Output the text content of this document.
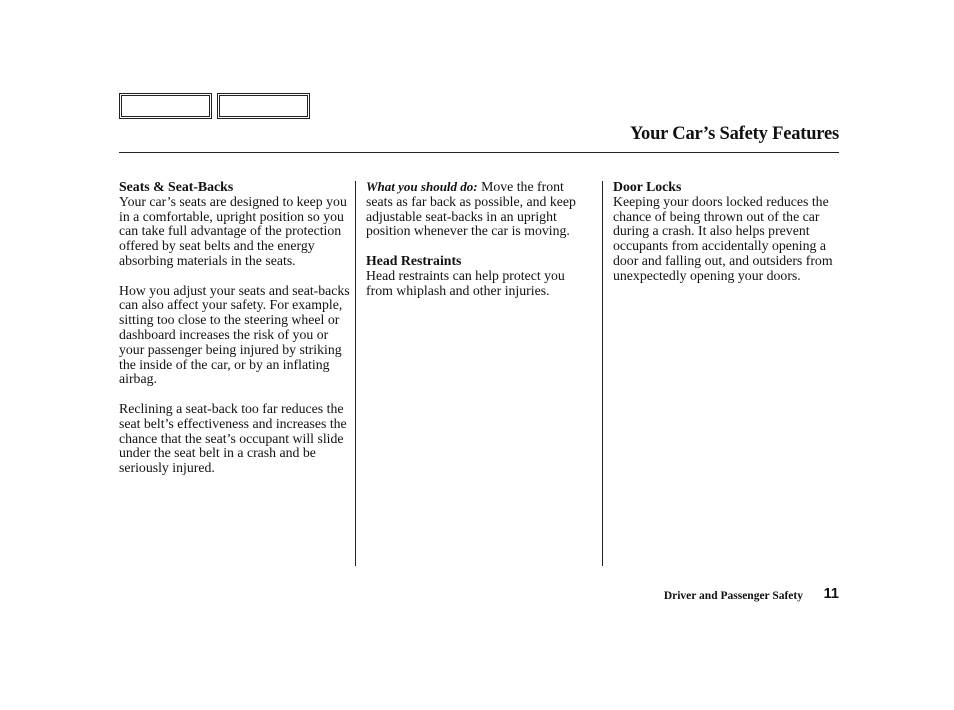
Your Car’s Safety Features
Seats & Seat-Backs

Your car’s seats are designed to keep you in a comfortable, upright position so you can take full advantage of the protection offered by seat belts and the energy absorbing materials in the seats.

How you adjust your seats and seat-backs can also affect your safety. For example, sitting too close to the steering wheel or dashboard increases the risk of you or your passenger being injured by striking the inside of the car, or by an inflating airbag.

Reclining a seat-back too far reduces the seat belt’s effectiveness and increases the chance that the seat’s occupant will slide under the seat belt in a crash and be seriously injured.

What you should do: Move the front seats as far back as possible, and keep adjustable seat-backs in an upright position whenever the car is moving.

Head Restraints

Head restraints can help protect you from whiplash and other injuries.

Door Locks

Keeping your doors locked reduces the chance of being thrown out of the car during a crash. It also helps prevent occupants from accidentally opening a door and falling out, and outsiders from unexpectedly opening your doors.

Driver and Passenger Safety 11
